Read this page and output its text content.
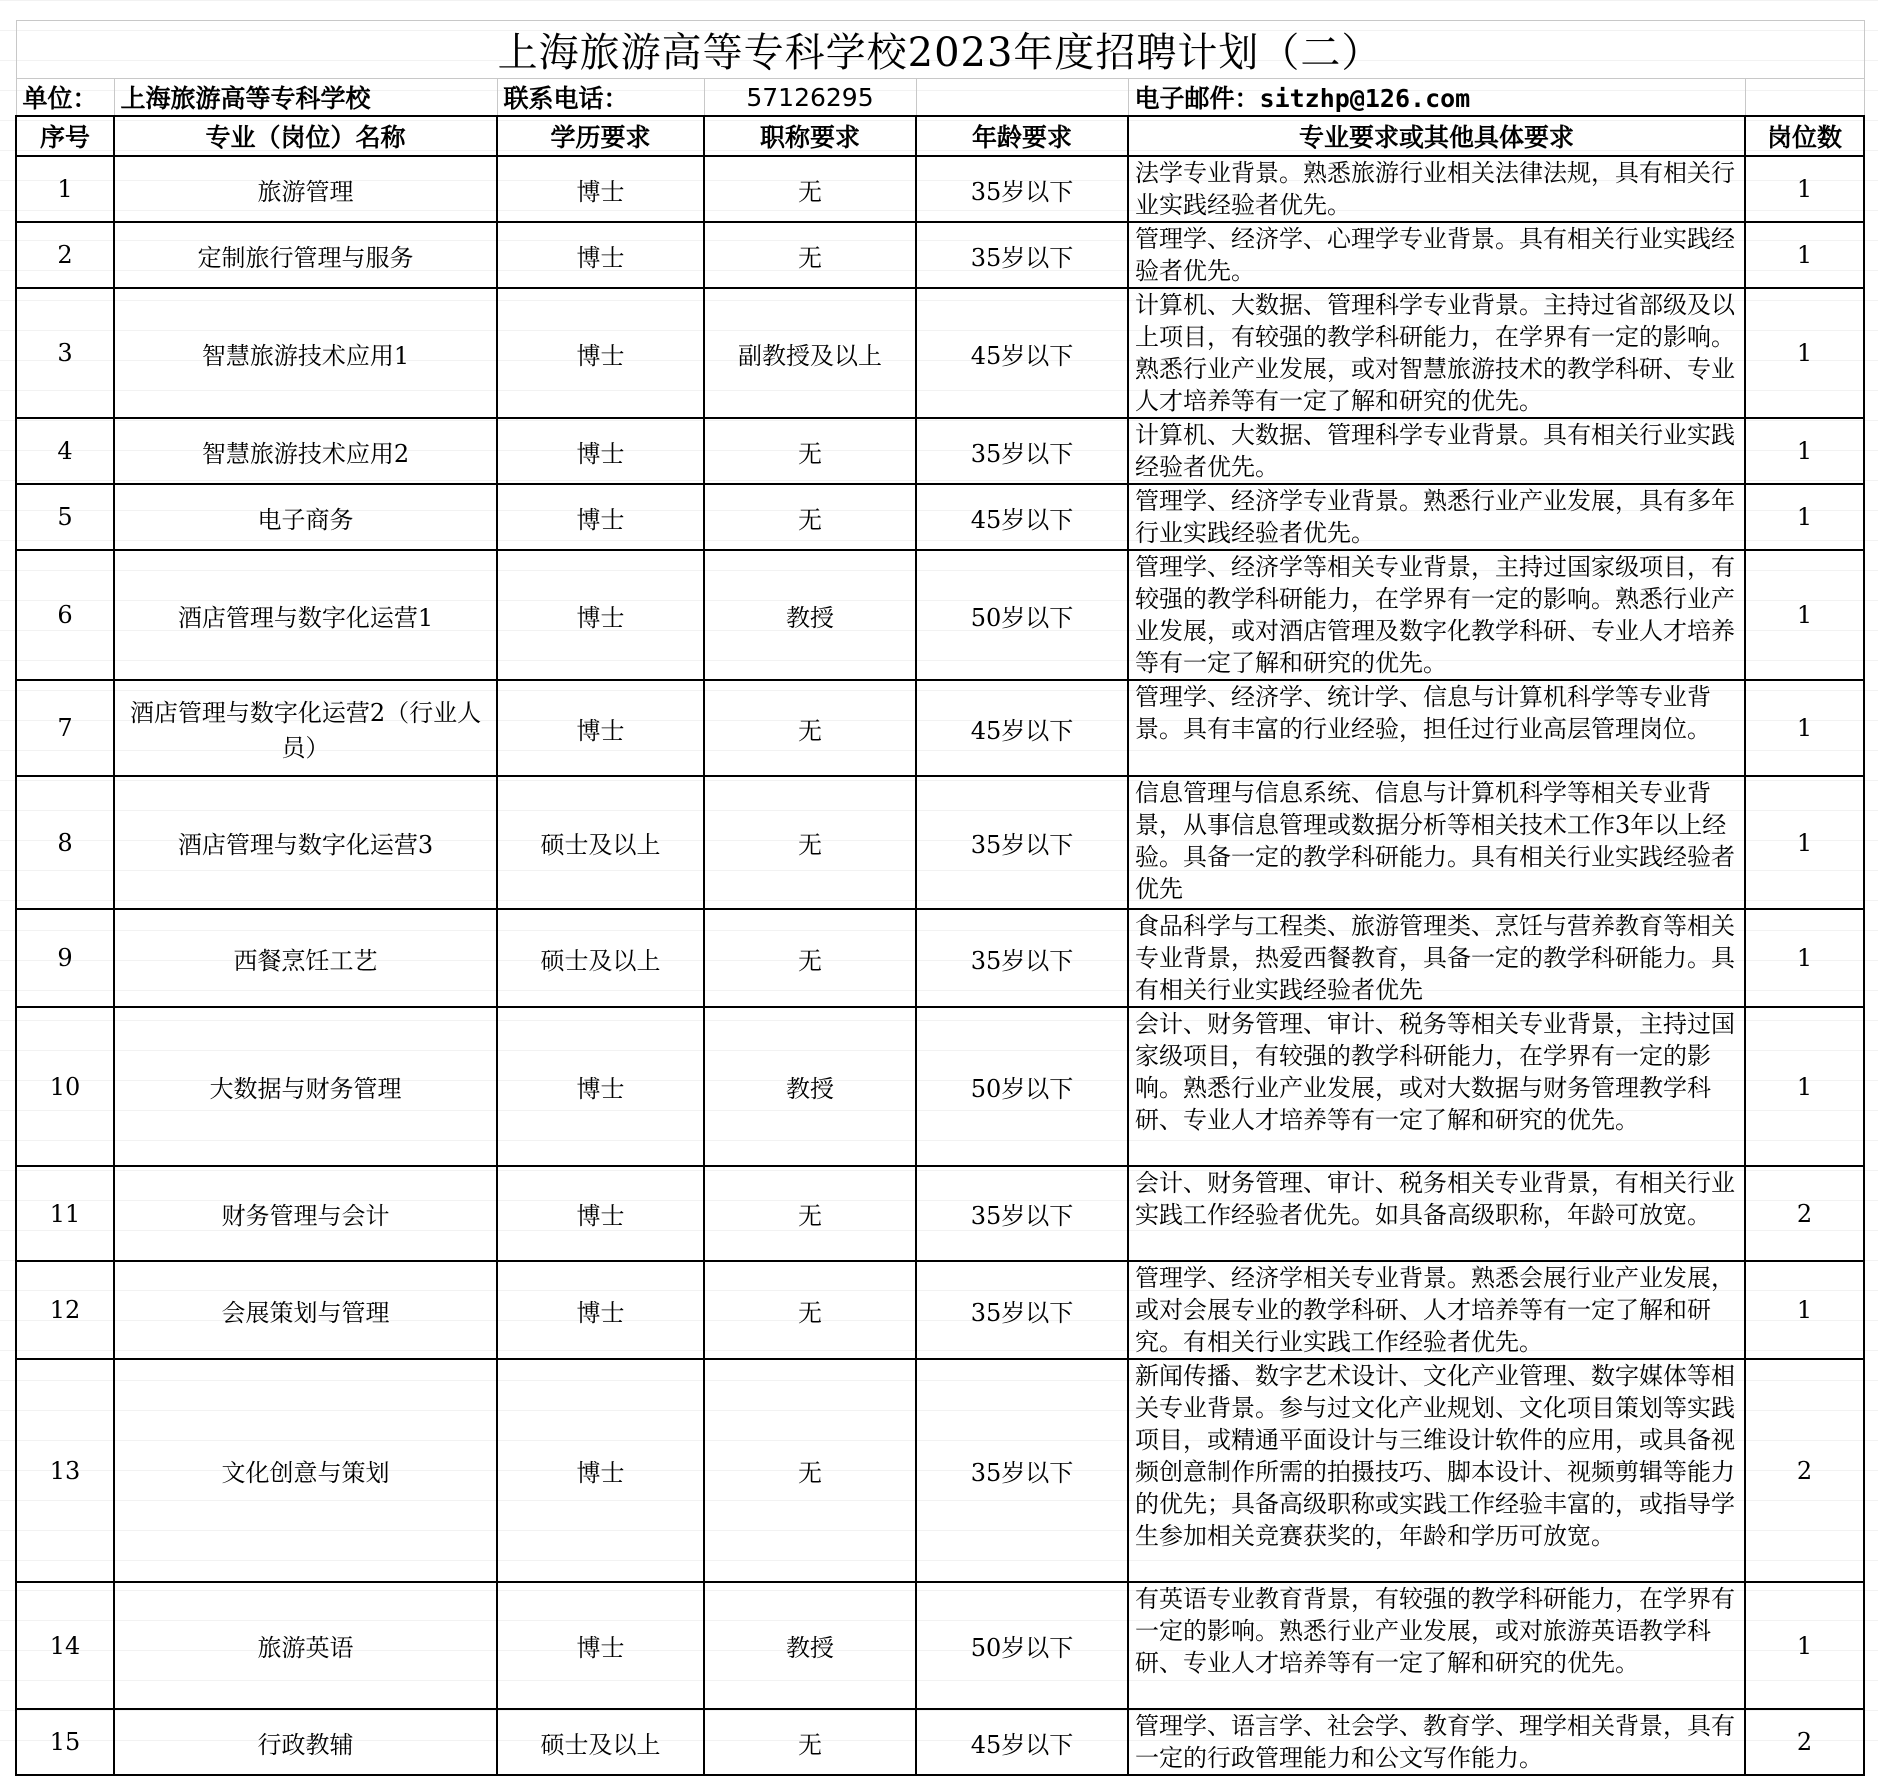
上海旅游高等专科学校2023年度招聘计划（二）						
单位：	上海旅游高等专科学校	联系电话：	57126295		电子邮件：sitzhp@126.com	
序号	专业（岗位）名称	学历要求	职称要求	年龄要求	专业要求或其他具体要求	岗位数
1	旅游管理	博士	无	35岁以下	法学专业背景。熟悉旅游行业相关法律法规，具有相关行业实践经验者优先。	1
2	定制旅行管理与服务	博士	无	35岁以下	管理学、经济学、心理学专业背景。具有相关行业实践经验者优先。	1
3	智慧旅游技术应用1	博士	副教授及以上	45岁以下	计算机、大数据、管理科学专业背景。主持过省部级及以上项目，有较强的教学科研能力，在学界有一定的影响。熟悉行业产业发展，或对智慧旅游技术的教学科研、专业人才培养等有一定了解和研究的优先。	1
4	智慧旅游技术应用2	博士	无	35岁以下	计算机、大数据、管理科学专业背景。具有相关行业实践经验者优先。	1
5	电子商务	博士	无	45岁以下	管理学、经济学专业背景。熟悉行业产业发展，具有多年行业实践经验者优先。	1
6	酒店管理与数字化运营1	博士	教授	50岁以下	管理学、经济学等相关专业背景，主持过国家级项目，有较强的教学科研能力，在学界有一定的影响。熟悉行业产业发展，或对酒店管理及数字化教学科研、专业人才培养等有一定了解和研究的优先。	1
7	酒店管理与数字化运营2（行业人员）	博士	无	45岁以下	管理学、经济学、统计学、信息与计算机科学等专业背景。具有丰富的行业经验，担任过行业高层管理岗位。	1
8	酒店管理与数字化运营3	硕士及以上	无	35岁以下	信息管理与信息系统、信息与计算机科学等相关专业背景，从事信息管理或数据分析等相关技术工作3年以上经验。具备一定的教学科研能力。具有相关行业实践经验者优先	1
9	西餐烹饪工艺	硕士及以上	无	35岁以下	食品科学与工程类、旅游管理类、烹饪与营养教育等相关专业背景，热爱西餐教育，具备一定的教学科研能力。具有相关行业实践经验者优先	1
10	大数据与财务管理	博士	教授	50岁以下	会计、财务管理、审计、税务等相关专业背景，主持过国家级项目，有较强的教学科研能力，在学界有一定的影响。熟悉行业产业发展，或对大数据与财务管理教学科研、专业人才培养等有一定了解和研究的优先。	1
11	财务管理与会计	博士	无	35岁以下	会计、财务管理、审计、税务相关专业背景，有相关行业实践工作经验者优先。如具备高级职称，年龄可放宽。	2
12	会展策划与管理	博士	无	35岁以下	管理学、经济学相关专业背景。熟悉会展行业产业发展，或对会展专业的教学科研、人才培养等有一定了解和研究。有相关行业实践工作经验者优先。	1
13	文化创意与策划	博士	无	35岁以下	新闻传播、数字艺术设计、文化产业管理、数字媒体等相关专业背景。参与过文化产业规划、文化项目策划等实践项目，或精通平面设计与三维设计软件的应用，或具备视频创意制作所需的拍摄技巧、脚本设计、视频剪辑等能力的优先；具备高级职称或实践工作经验丰富的，或指导学生参加相关竞赛获奖的，年龄和学历可放宽。	2
14	旅游英语	博士	教授	50岁以下	有英语专业教育背景，有较强的教学科研能力，在学界有一定的影响。熟悉行业产业发展，或对旅游英语教学科研、专业人才培养等有一定了解和研究的优先。	1
15	行政教辅	硕士及以上	无	45岁以下	管理学、语言学、社会学、教育学、理学相关背景，具有一定的行政管理能力和公文写作能力。	2
